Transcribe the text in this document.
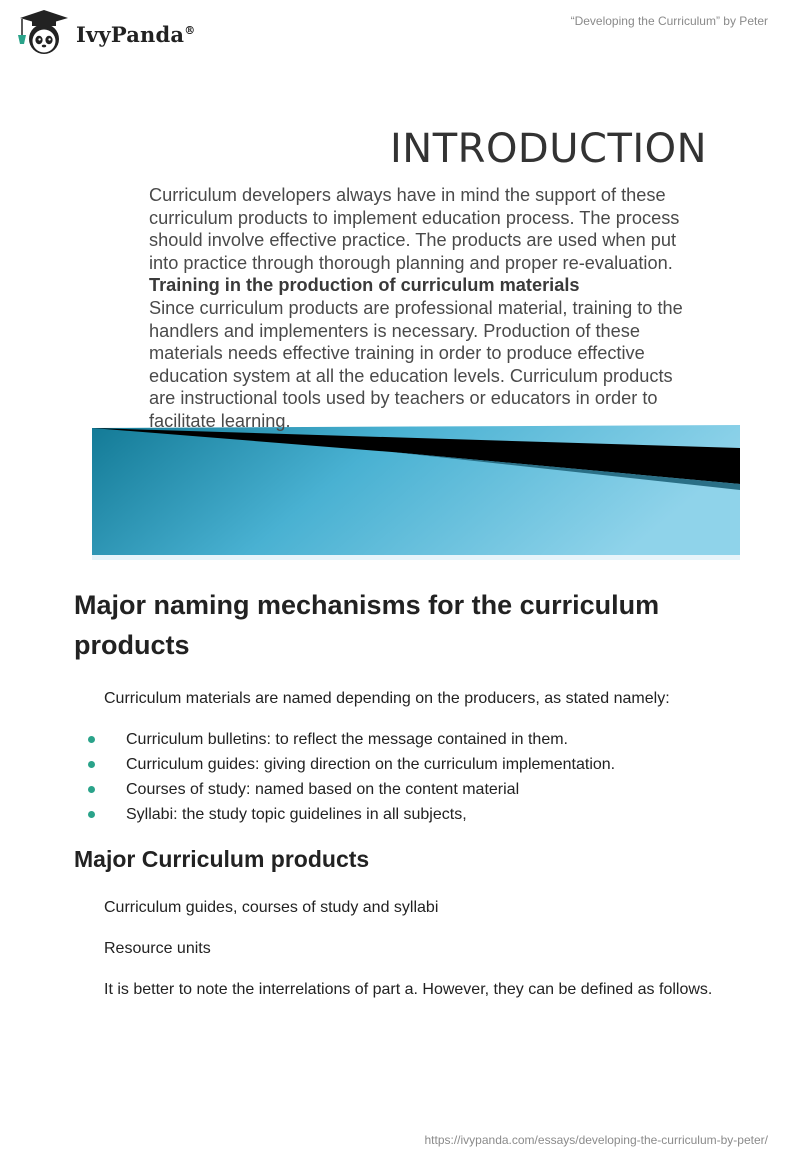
IvyPanda®
“Developing the Curriculum” by Peter
INTRODUCTION

Curriculum developers always have in mind the support of these curriculum products to implement education process. The process should involve effective practice. The products are used when put into practice through thorough planning and proper re-evaluation.

Training in the production of curriculum materials

Since curriculum products are professional material, training to the handlers and implementers is necessary. Production of these materials needs effective training in order to produce effective education system at all the education levels. Curriculum products are instructional tools used by teachers or educators in order to facilitate learning.

Major naming mechanisms for the curriculum products

Curriculum materials are named depending on the producers, as stated namely:

Curriculum bulletins: to reflect the message contained in them.
Curriculum guides: giving direction on the curriculum implementation.
Courses of study: named based on the content material
Syllabi: the study topic guidelines in all subjects,
Major Curriculum products

Curriculum guides, courses of study and syllabi

Resource units

It is better to note the interrelations of part a. However, they can be defined as follows.

https://ivypanda.com/essays/developing-the-curriculum-by-peter/
